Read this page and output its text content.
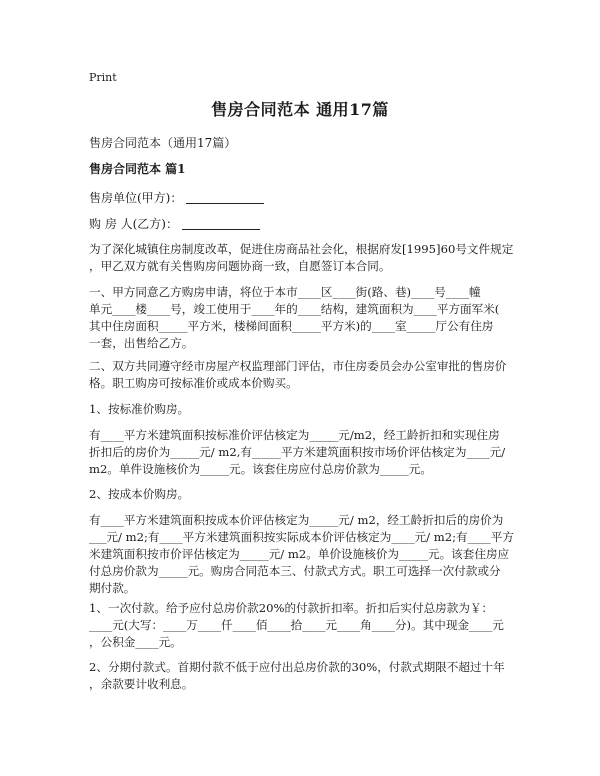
Print
售房合同范本 通用17篇
售房合同范本（通用17篇）
售房合同范本 篇1
售房单位(甲方)：
购 房 人(乙方)：
为了深化城镇住房制度改革，促进住房商品社会化，根据府发[1995]60号文件规定
，甲乙双方就有关售购房问题协商一致，自愿签订本合同。
一、甲方同意乙方购房申请，将位于本市____区____街(路、巷)____号____幢
单元____楼____号，竣工使用于____年的____结构，建筑面积为____平方面军米(
其中住房面积_____平方米，楼梯间面积_____平方米)的____室_____厅公有住房
一套，出售给乙方。
二、双方共同遵守经市房屋产权监理部门评估，市住房委员会办公室审批的售房价
格。职工购房可按标准价或成本价购买。
1、按标准价购房。
有____平方米建筑面积按标准价评估核定为_____元/m2，经工龄折扣和实现住房
折扣后的房价为_____元/ m2,有_____平方米建筑面积按市场价评估核定为____元/
m2。单件设施核价为_____元。该套住房应付总房价款为_____元。
2、按成本价购房。
有____平方米建筑面积按成本价评估核定为_____元/ m2，经工龄折扣后的房价为
___元/ m2;有____平方米建筑面积按实际成本价评估核定为____元/ m2;有____平方
米建筑面积按市价评估核定为_____元/ m2。单价设施核价为_____元。该套住房应
付总房价款为_____元。购房合同范本三、付款式方式。职工可选择一次付款或分
期付款。
1、一次付款。给予应付总房价款20%的付款折扣率。折扣后实付总房款为￥：
____元(大写：____万____仟____佰____拾____元____角____分)。其中现金____元
，公积金____元。
2、分期付款式。首期付款不低于应付出总房价款的30%，付款式期限不超过十年
，余款要计收利息。
